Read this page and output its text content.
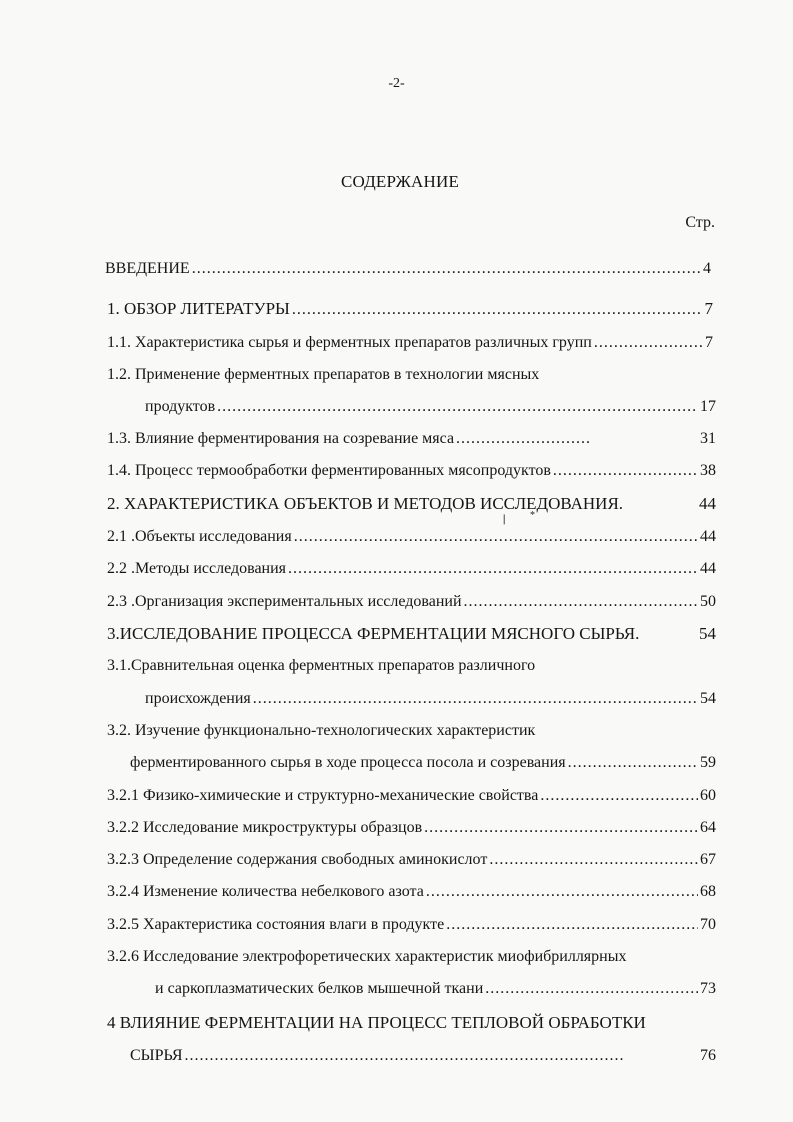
-2-
СОДЕРЖАНИЕ
Стр.
ВВЕДЕНИЕ .....	4
1. ОБЗОР ЛИТЕРАТУРЫ .....	7
1.1. Характеристика сырья и ферментных препаратов различных групп .....	7
1.2. Применение ферментных препаратов в технологии мясных
продуктов .....	17
1.3. Влияние ферментирования на созревание мяса .....	31
1.4. Процесс термообработки ферментированных мясопродуктов .....	38
2. ХАРАКТЕРИСТИКА ОБЪЕКТОВ И МЕТОДОВ ИССЛЕДОВАНИЯ.	44
❘ *
2.1 .Объекты исследования .....	44
2.2 .Методы исследования .....	44
2.3 .Организация экспериментальных исследований .....	50
3.ИССЛЕДОВАНИЕ ПРОЦЕССА ФЕРМЕНТАЦИИ МЯСНОГО СЫРЬЯ.	54
3.1.Сравнительная оценка ферментных препаратов различного
происхождения .....	54
3.2. Изучение функционально-технологических характеристик
ферментированного сырья в ходе процесса посола и созревания .....	59
3.2.1 Физико-химические и структурно-механические свойства .....	60
3.2.2 Исследование микроструктуры образцов .....	64
3.2.3 Определение содержания свободных аминокислот .....	67
3.2.4 Изменение количества небелкового азота .....	68
3.2.5 Характеристика состояния влаги в продукте .....	70
3.2.6 Исследование электрофоретических характеристик миофибриллярных
и саркоплазматических белков мышечной ткани .....	73
4 ВЛИЯНИЕ ФЕРМЕНТАЦИИ НА ПРОЦЕСС ТЕПЛОВОЙ ОБРАБОТКИ
СЫРЬЯ .....	76
